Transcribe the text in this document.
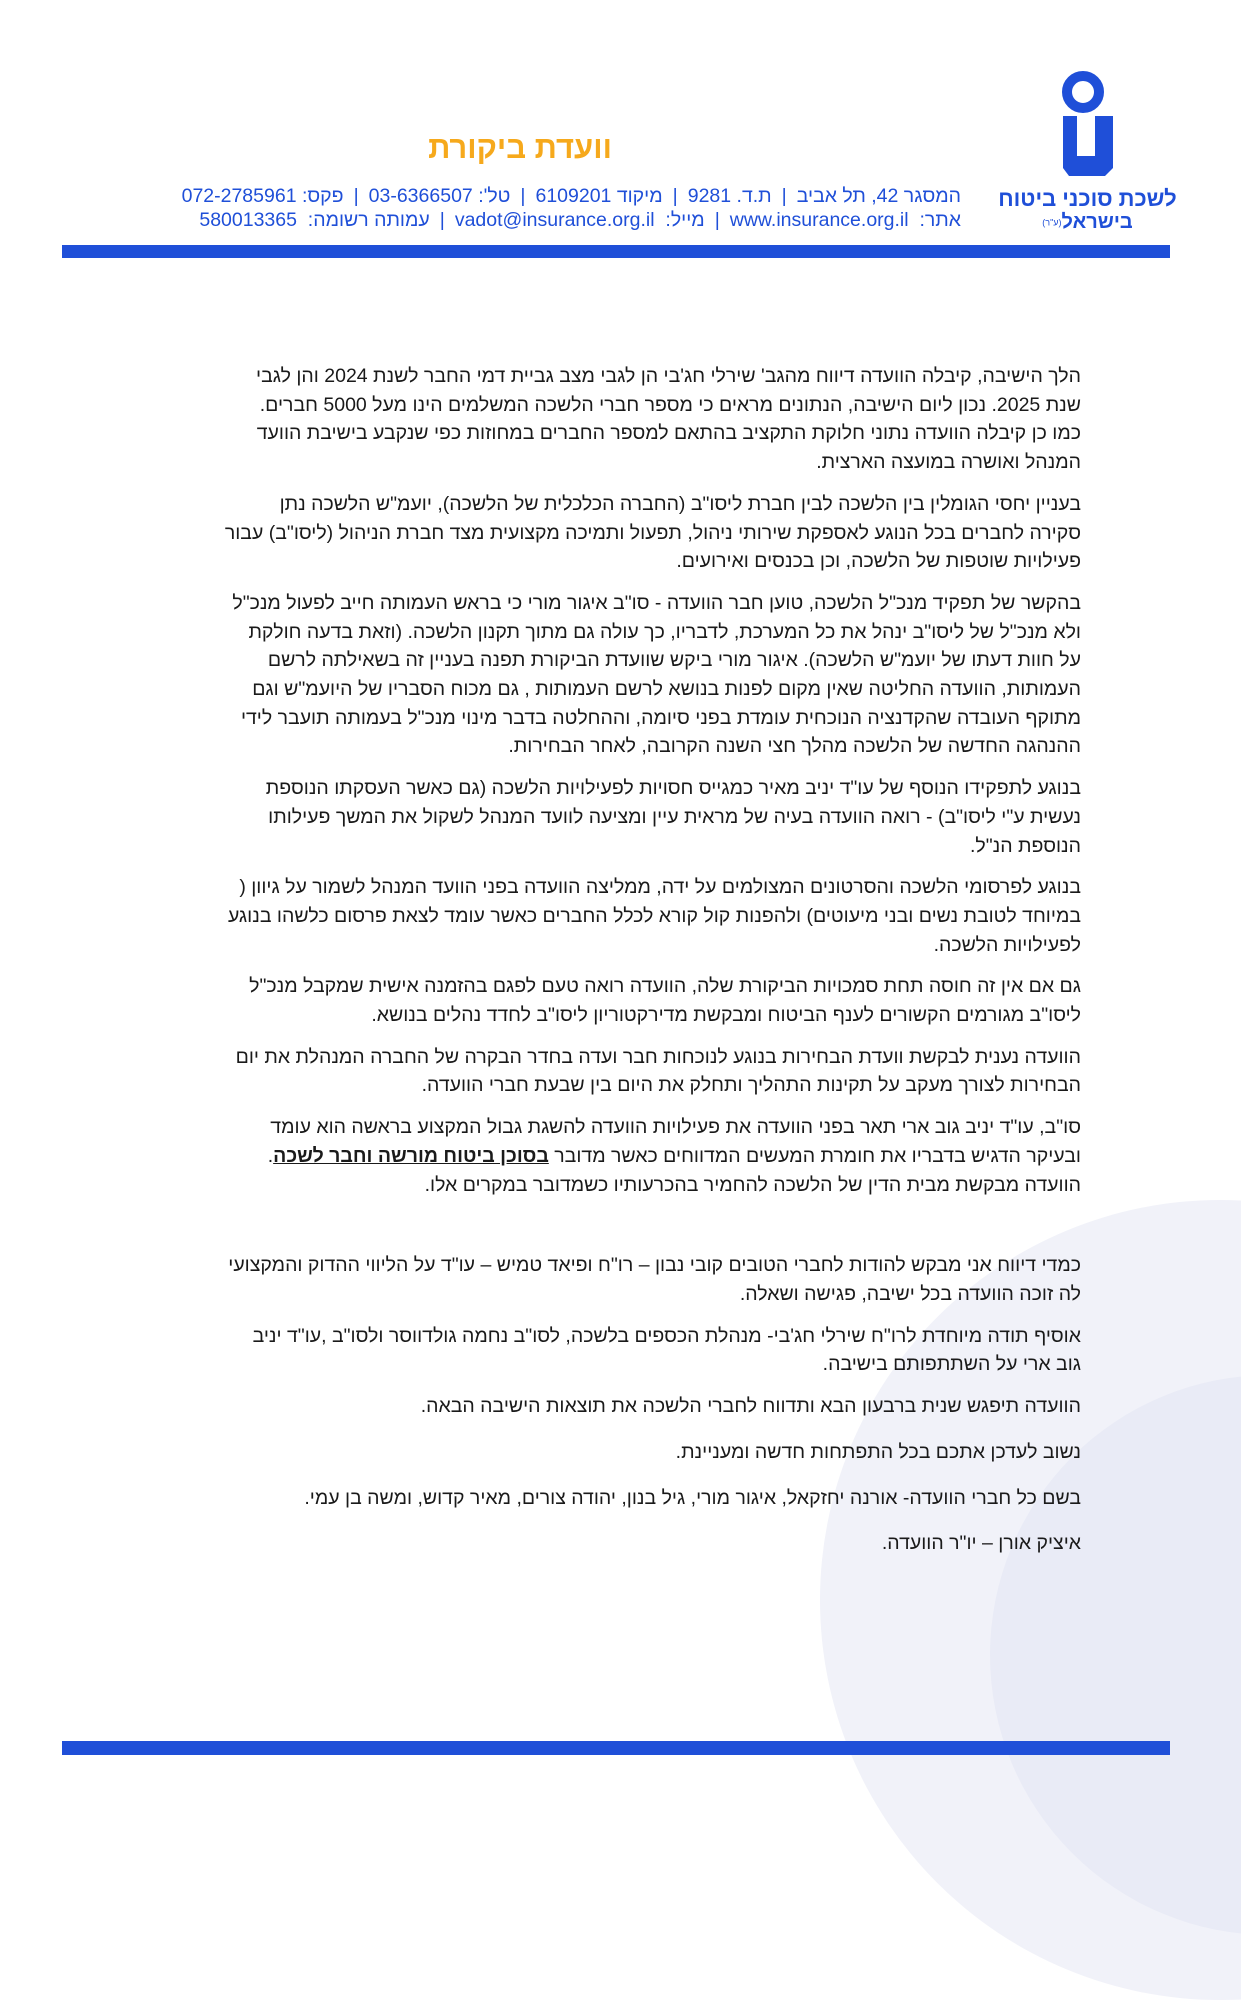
לשכת סוכני ביטוח
בישראל(ע"ר)
וועדת ביקורת
המסגר 42, תל אביב
|
ת.ד. 9281
|
מיקוד

6109201
|
טל':

03-6366507
|
פקס:

072-2785961
אתר:

www.insurance.org.il
|
מייל:

vadot@insurance.org.il
|
עמותה רשומה:

580013365
הלך הישיבה, קיבלה הוועדה דיווח מהגב' שירלי חג'בי הן לגבי מצב גביית דמי החבר לשנת 2024 והן לגבי
שנת 2025. נכון ליום הישיבה, הנתונים מראים כי מספר חברי הלשכה המשלמים הינו מעל 5000 חברים.
כמו כן קיבלה הוועדה נתוני חלוקת התקציב בהתאם למספר החברים במחוזות כפי שנקבע בישיבת הוועד
המנהל ואושרה במועצה הארצית.
בעניין יחסי הגומלין בין הלשכה לבין חברת ליסו"ב (החברה הכלכלית של הלשכה), יועמ"ש הלשכה נתן
סקירה לחברים בכל הנוגע לאספקת שירותי ניהול, תפעול ותמיכה מקצועית מצד חברת הניהול (ליסו"ב) עבור
פעילויות שוטפות של הלשכה, וכן בכנסים ואירועים.
בהקשר של תפקיד מנכ"ל הלשכה, טוען חבר הוועדה - סו"ב איגור מורי כי בראש העמותה חייב לפעול מנכ"ל
ולא מנכ"ל של ליסו"ב ינהל את כל המערכת, לדבריו, כך עולה גם מתוך תקנון הלשכה. (וזאת בדעה חולקת
על חוות דעתו של יועמ"ש הלשכה). איגור מורי ביקש שוועדת הביקורת תפנה בעניין זה בשאילתה לרשם
העמותות, הוועדה החליטה שאין מקום לפנות בנושא לרשם העמותות , גם מכוח הסבריו של היועמ"ש וגם
מתוקף העובדה שהקדנציה הנוכחית עומדת בפני סיומה, וההחלטה בדבר מינוי מנכ"ל בעמותה תועבר לידי
ההנהגה החדשה של הלשכה מהלך חצי השנה הקרובה, לאחר הבחירות.
בנוגע לתפקידו הנוסף של עו"ד יניב מאיר כמגייס חסויות לפעילויות הלשכה (גם כאשר העסקתו הנוספת
נעשית ע"י ליסו"ב) - רואה הוועדה בעיה של מראית עיין ומציעה לוועד המנהל לשקול את המשך פעילותו
הנוספת הנ"ל.
בנוגע לפרסומי הלשכה והסרטונים המצולמים על ידה, ממליצה הוועדה בפני הוועד המנהל לשמור על גיוון (
במיוחד לטובת נשים ובני מיעוטים) ולהפנות קול קורא לכלל החברים כאשר עומד לצאת פרסום כלשהו בנוגע
לפעילויות הלשכה.
גם אם אין זה חוסה תחת סמכויות הביקורת שלה, הוועדה רואה טעם לפגם בהזמנה אישית שמקבל מנכ"ל
ליסו"ב מגורמים הקשורים לענף הביטוח ומבקשת מדירקטוריון ליסו"ב לחדד נהלים בנושא.
הוועדה נענית לבקשת וועדת הבחירות בנוגע לנוכחות חבר ועדה בחדר הבקרה של החברה המנהלת את יום
הבחירות לצורך מעקב על תקינות התהליך ותחלק את היום בין שבעת חברי הוועדה.
סו"ב, עו"ד יניב גוב ארי תאר בפני הוועדה את פעילויות הוועדה להשגת גבול המקצוע בראשה הוא עומד
ובעיקר הדגיש בדבריו את חומרת המעשים המדווחים כאשר מדובר בסוכן ביטוח מורשה וחבר לשכה.
הוועדה מבקשת מבית הדין של הלשכה להחמיר בהכרעותיו כשמדובר במקרים אלו.
כמדי דיווח אני מבקש להודות לחברי הטובים קובי נבון – רו"ח ופיאד טמיש – עו"ד על הליווי ההדוק והמקצועי
לה זוכה הוועדה בכל ישיבה, פגישה ושאלה.
אוסיף תודה מיוחדת לרו"ח שירלי חג'בי- מנהלת הכספים בלשכה, לסו"ב נחמה גולדווסר ולסו"ב ,עו"ד יניב
גוב ארי על השתתפותם בישיבה.
הוועדה תיפגש שנית ברבעון הבא ותדווח לחברי הלשכה את תוצאות הישיבה הבאה.
נשוב לעדכן אתכם בכל התפתחות חדשה ומעניינת.
בשם כל חברי הוועדה- אורנה יחזקאל, איגור מורי, גיל בנון, יהודה צורים, מאיר קדוש, ומשה בן עמי.
איציק אורן – יו"ר הוועדה.
